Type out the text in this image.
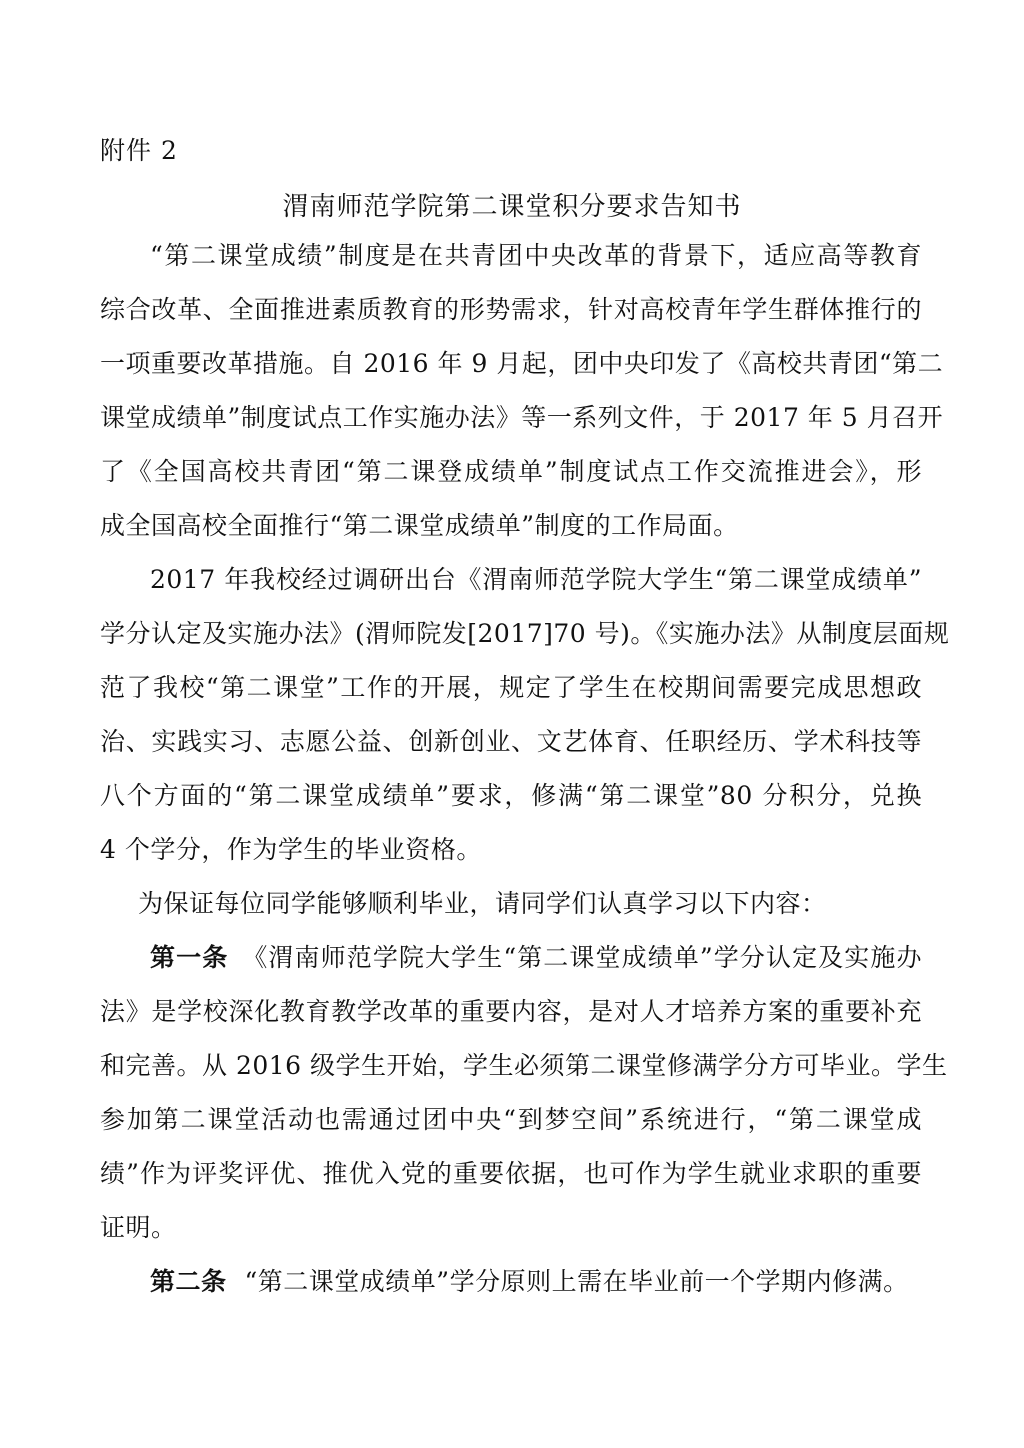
附件 2
渭南师范学院第二课堂积分要求告知书
“第二课堂成绩”制度是在共青团中央改革的背景下，适应高等教育
综合改革、全面推进素质教育的形势需求，针对高校青年学生群体推行的
一项重要改革措施。自 2016 年 9 月起，团中央印发了《高校共青团“第二
课堂成绩单”制度试点工作实施办法》等一系列文件，于 2017 年 5 月召开
了《全国高校共青团“第二课登成绩单”制度试点工作交流推进会》，形
成全国高校全面推行“第二课堂成绩单”制度的工作局面。
2017 年我校经过调研出台《渭南师范学院大学生“第二课堂成绩单”
学分认定及实施办法》(渭师院发[2017]70 号)。《实施办法》从制度层面规
范了我校“第二课堂”工作的开展，规定了学生在校期间需要完成思想政
治、实践实习、志愿公益、创新创业、文艺体育、任职经历、学术科技等
八个方面的“第二课堂成绩单”要求，修满“第二课堂”80 分积分，兑换
4 个学分，作为学生的毕业资格。
为保证每位同学能够顺利毕业，请同学们认真学习以下内容：
第一条 《渭南师范学院大学生“第二课堂成绩单”学分认定及实施办
法》是学校深化教育教学改革的重要内容，是对人才培养方案的重要补充
和完善。从 2016 级学生开始，学生必须第二课堂修满学分方可毕业。学生
参加第二课堂活动也需通过团中央“到梦空间”系统进行，“第二课堂成
绩”作为评奖评优、推优入党的重要依据，也可作为学生就业求职的重要
证明。
第二条 “第二课堂成绩单”学分原则上需在毕业前一个学期内修满。
